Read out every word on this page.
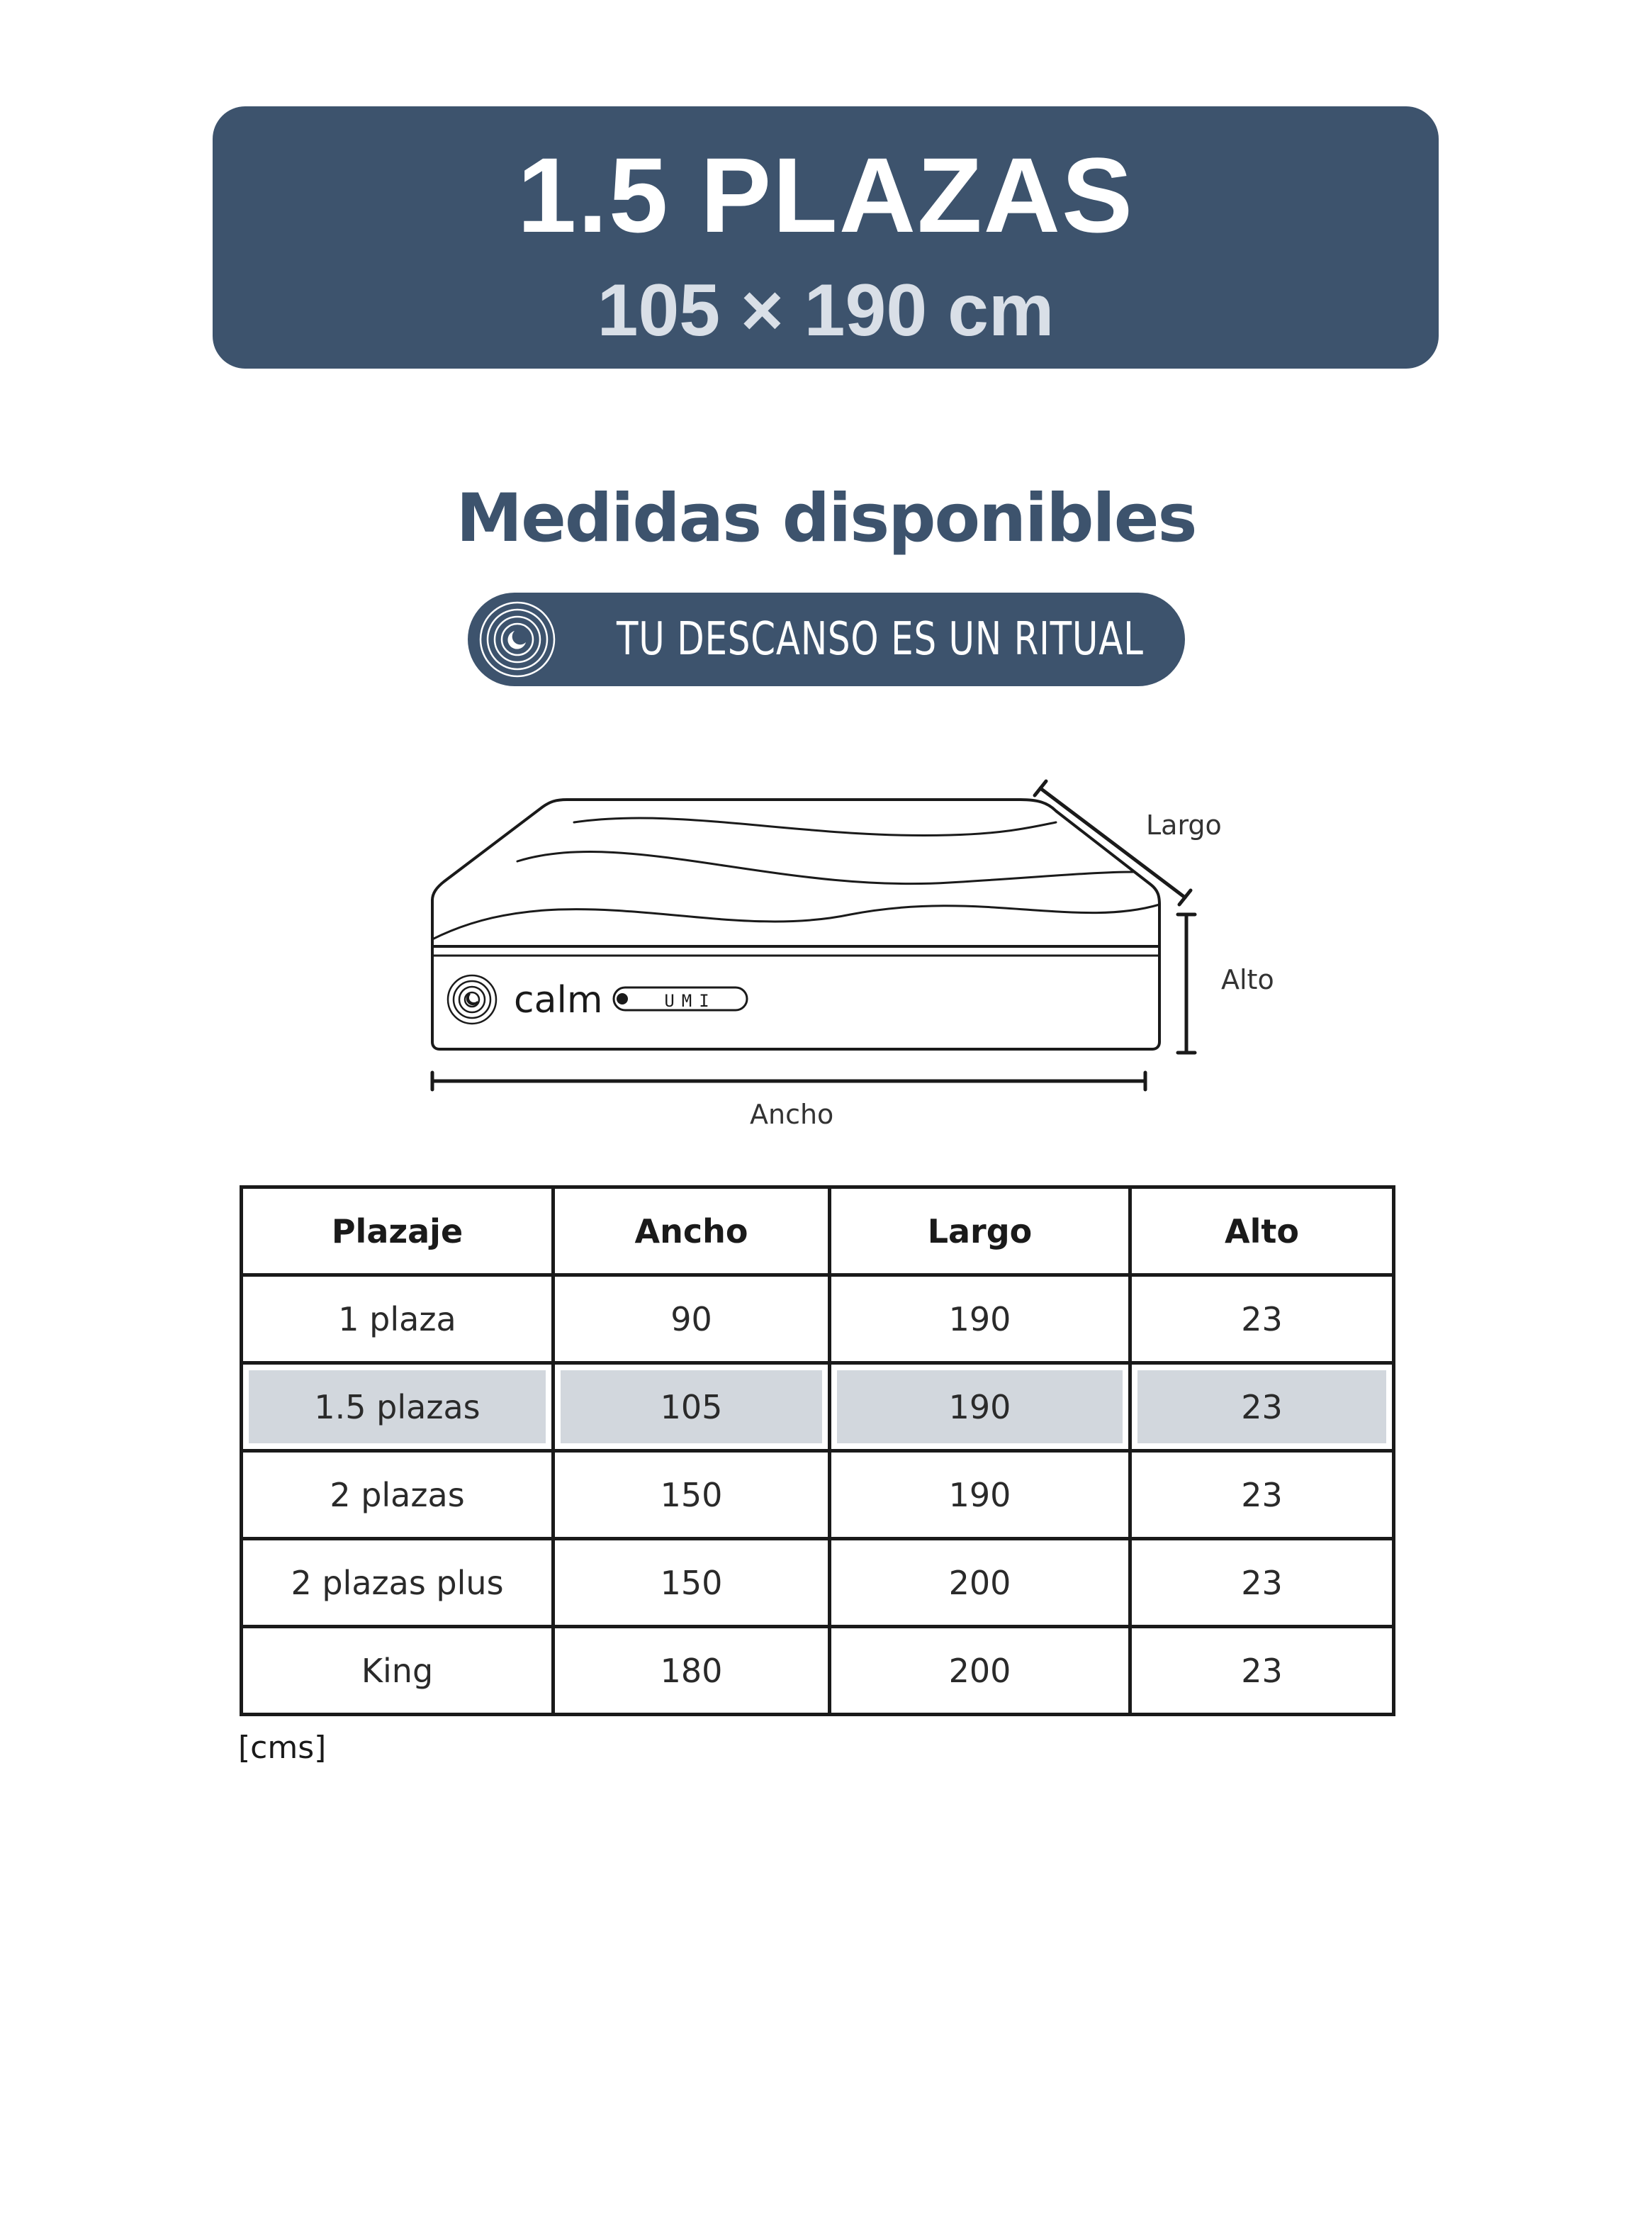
1.5 PLAZAS
105 × 190 cm
Medidas disponibles
TU DESCANSO ES UN RITUAL
calm	UMI
Largo
Alto
Ancho
Plazaje	Ancho	Largo	Alto
1 plaza	90	190	23
1.5 plazas	105	190	23
2 plazas	150	190	23
2 plazas plus	150	200	23
King	180	200	23
[cms]
